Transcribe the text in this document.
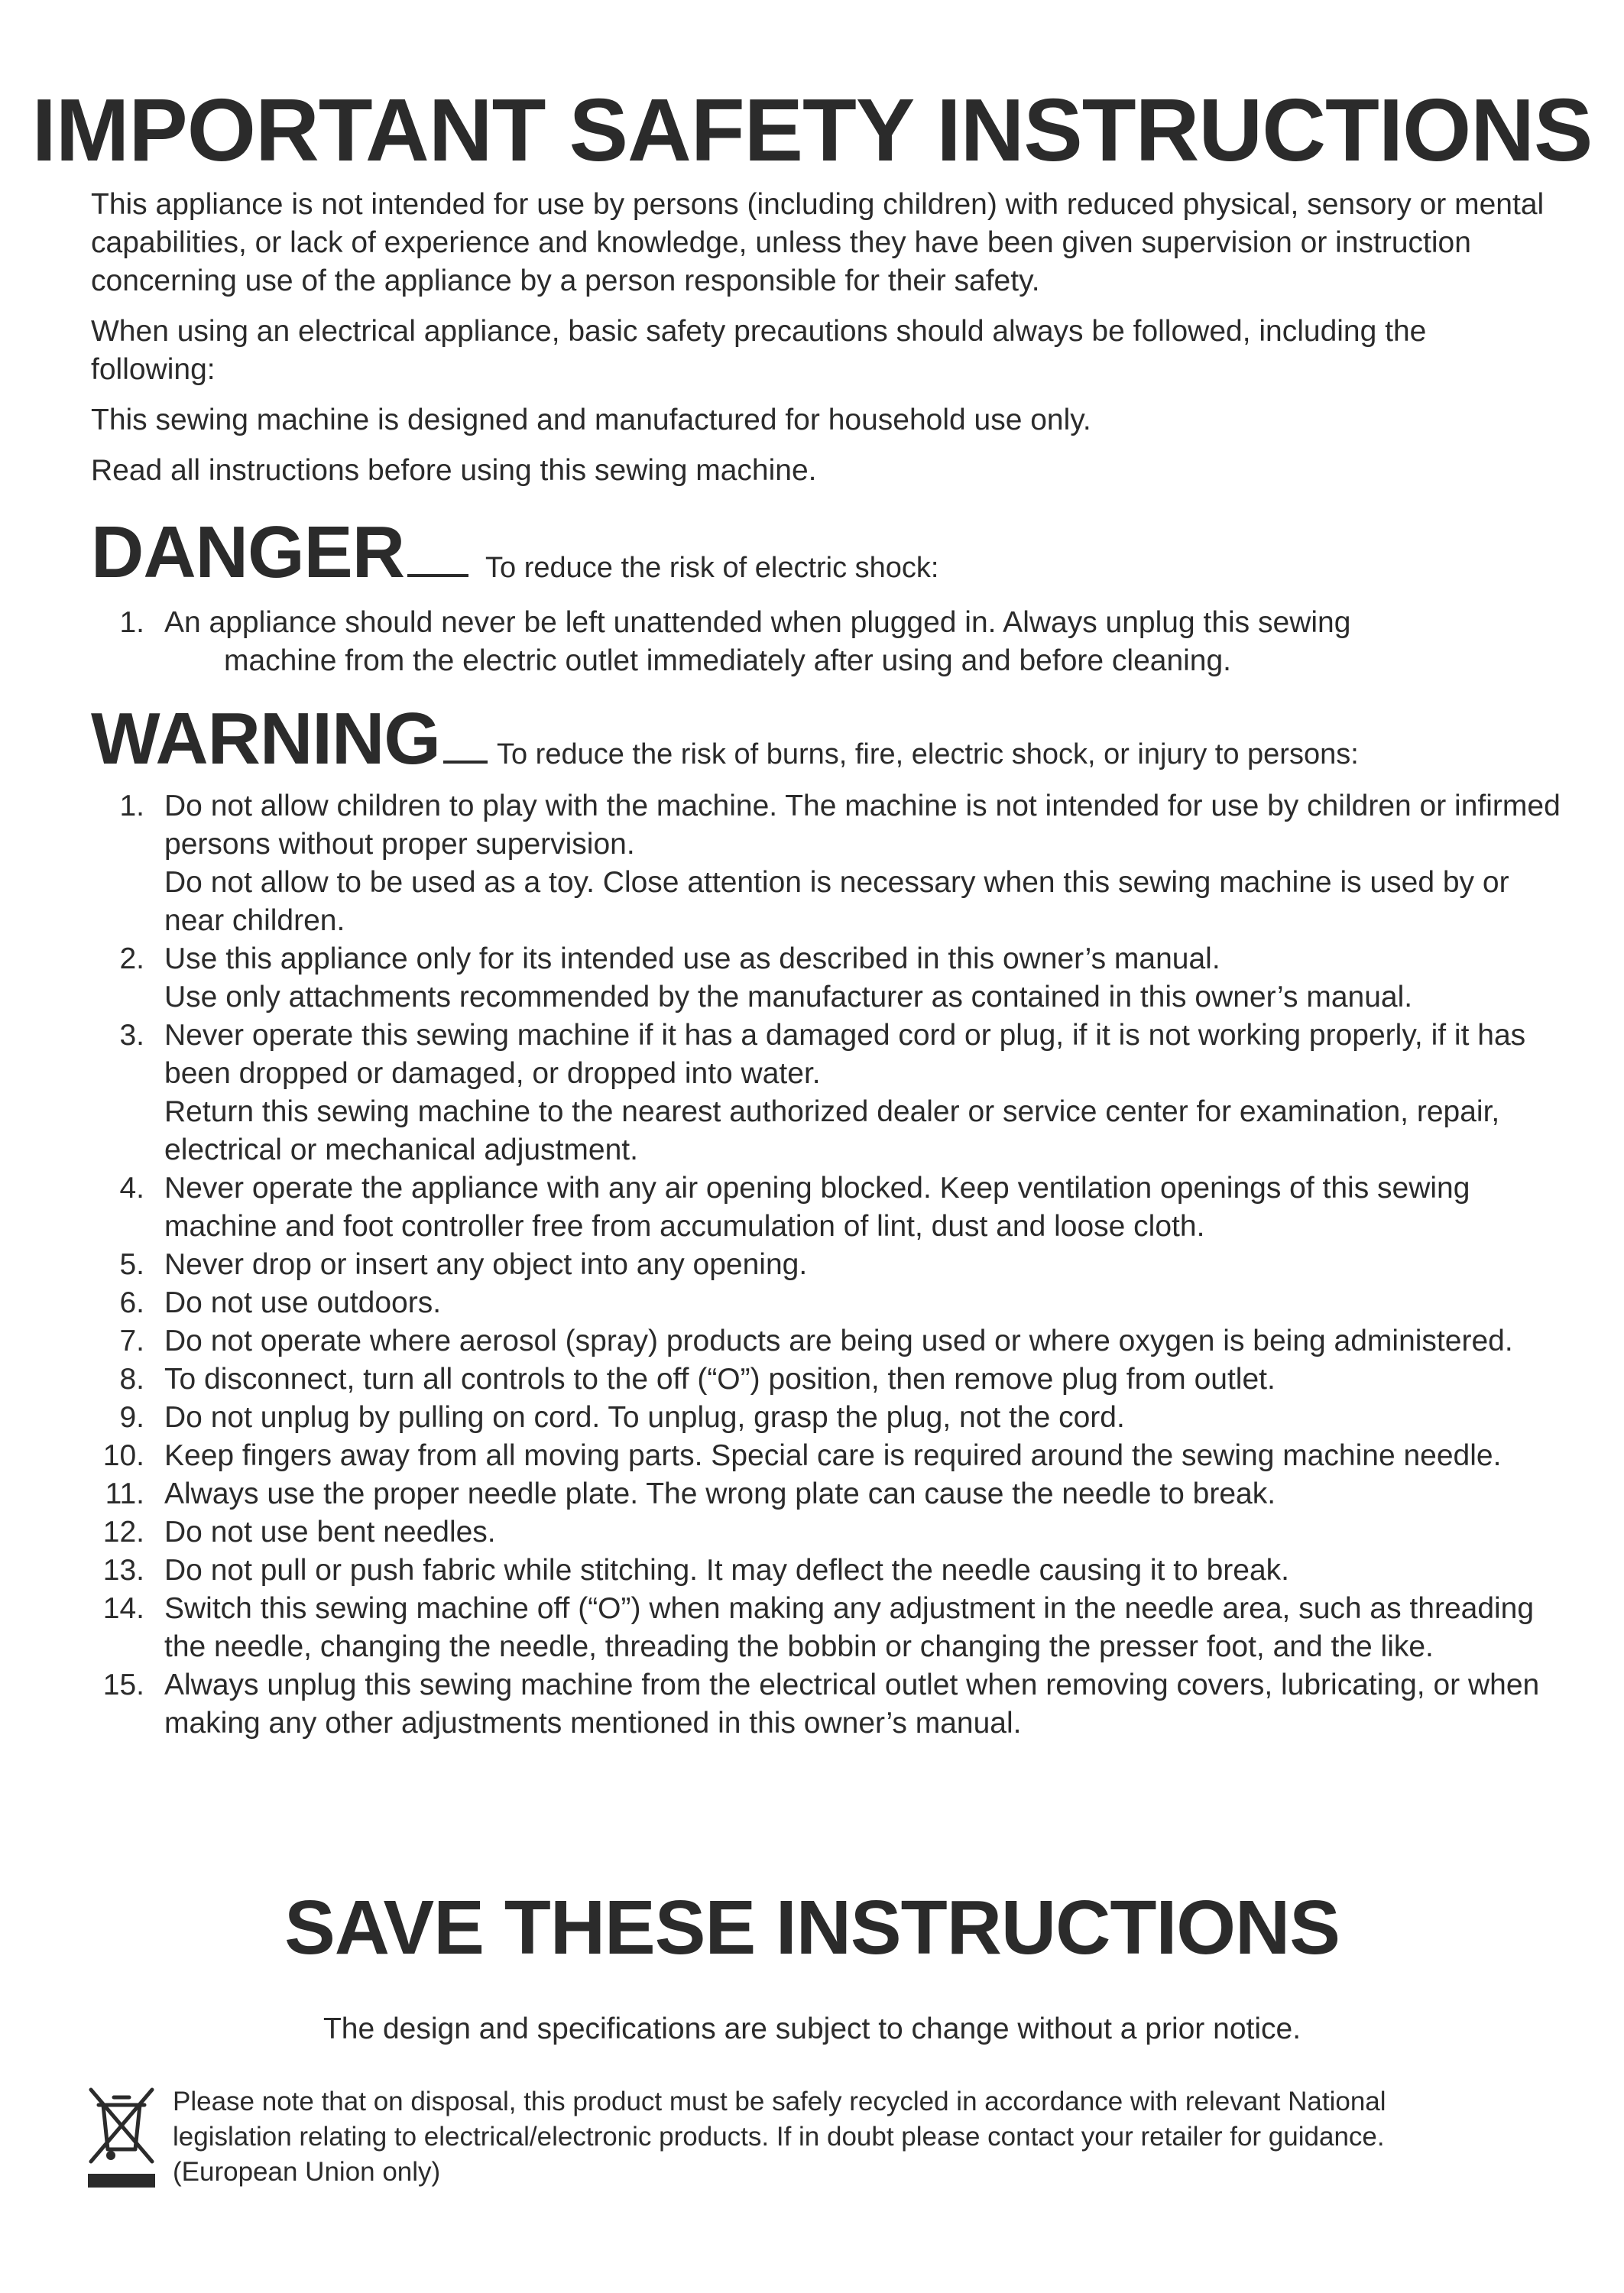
IMPORTANT SAFETY INSTRUCTIONS

This appliance is not intended for use by persons (including children) with reduced physical, sensory or mental capabilities, or lack of experience and knowledge, unless they have been given supervision or instruction concerning use of the appliance by a person responsible for their safety.

When using an electrical appliance, basic safety precautions should always be followed, including the following:

This sewing machine is designed and manufactured for household use only.

Read all instructions before using this sewing machine.

DANGER	To reduce the risk of electric shock:
1. An appliance should never be left unattended when plugged in. Always unplug this sewing
machine from the electric outlet immediately after using and before cleaning.
WARNING To reduce the risk of burns, fire, electric shock, or injury to persons:
1. Do not allow children to play with the machine. The machine is not intended for use by children or infirmed persons without proper supervision.
Do not allow to be used as a toy. Close attention is necessary when this sewing machine is used by or near children.
2. Use this appliance only for its intended use as described in this owner’s manual.
Use only attachments recommended by the manufacturer as contained in this owner’s manual.
3. Never operate this sewing machine if it has a damaged cord or plug, if it is not working properly, if it has been dropped or damaged, or dropped into water.
Return this sewing machine to the nearest authorized dealer or service center for examination, repair, electrical or mechanical adjustment.
4. Never operate the appliance with any air opening blocked. Keep ventilation openings of this sewing machine and foot controller free from accumulation of lint, dust and loose cloth.
5. Never drop or insert any object into any opening.
6. Do not use outdoors.
7. Do not operate where aerosol (spray) products are being used or where oxygen is being administered.
8. To disconnect, turn all controls to the off (“O”) position, then remove plug from outlet.
9. Do not unplug by pulling on cord. To unplug, grasp the plug, not the cord.
10. Keep fingers away from all moving parts. Special care is required around the sewing machine needle.
11. Always use the proper needle plate. The wrong plate can cause the needle to break.
12. Do not use bent needles.
13. Do not pull or push fabric while stitching. It may deflect the needle causing it to break.
14. Switch this sewing machine off (“O”) when making any adjustment in the needle area, such as threading the needle, changing the needle, threading the bobbin or changing the presser foot, and the like.
15. Always unplug this sewing machine from the electrical outlet when removing covers, lubricating, or when making any other adjustments mentioned in this owner’s manual.
SAVE THESE INSTRUCTIONS
The design and specifications are subject to change without a prior notice.
Please note that on disposal, this product must be safely recycled in accordance with relevant National
legislation relating to electrical/electronic products. If in doubt please contact your retailer for guidance.
(European Union only)
